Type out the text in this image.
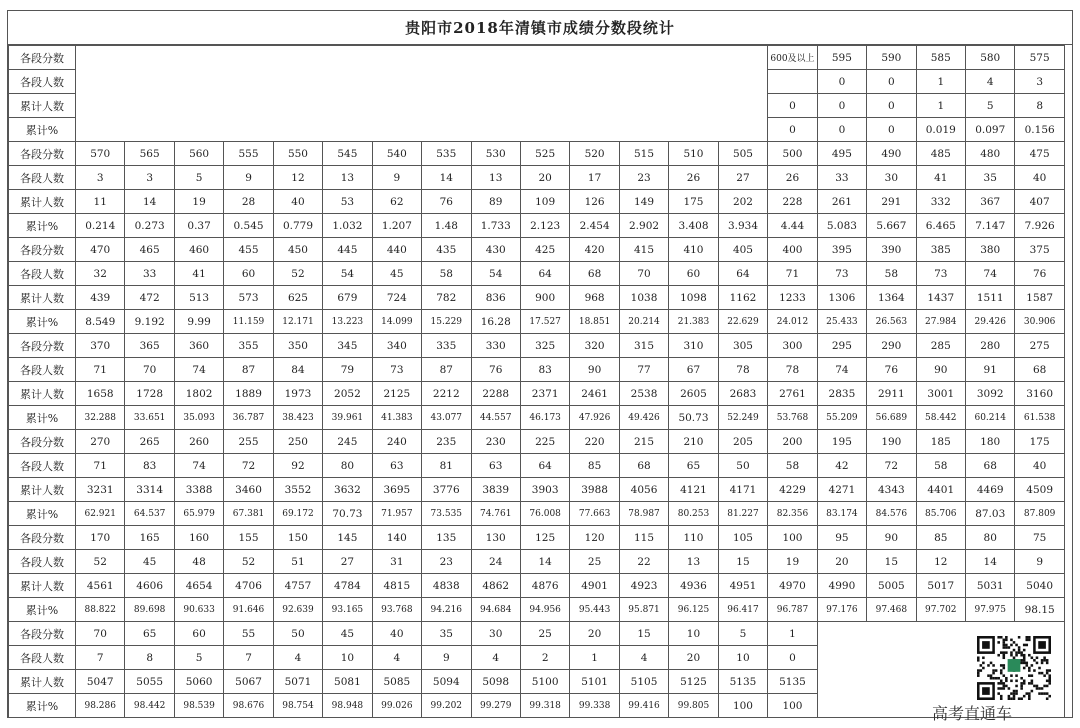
贵阳市2018年清镇市成绩分数段统计
各段分数															600及以上	595	590	585	580	575
各段人数																0	0	1	4	3
累计人数															0	0	0	1	5	8
累计%															0	0	0	0.019	0.097	0.156
各段分数	570	565	560	555	550	545	540	535	530	525	520	515	510	505	500	495	490	485	480	475
各段人数	3	3	5	9	12	13	9	14	13	20	17	23	26	27	26	33	30	41	35	40
累计人数	11	14	19	28	40	53	62	76	89	109	126	149	175	202	228	261	291	332	367	407
累计%	0.214	0.273	0.37	0.545	0.779	1.032	1.207	1.48	1.733	2.123	2.454	2.902	3.408	3.934	4.44	5.083	5.667	6.465	7.147	7.926
各段分数	470	465	460	455	450	445	440	435	430	425	420	415	410	405	400	395	390	385	380	375
各段人数	32	33	41	60	52	54	45	58	54	64	68	70	60	64	71	73	58	73	74	76
累计人数	439	472	513	573	625	679	724	782	836	900	968	1038	1098	1162	1233	1306	1364	1437	1511	1587
累计%	8.549	9.192	9.99	11.159	12.171	13.223	14.099	15.229	16.28	17.527	18.851	20.214	21.383	22.629	24.012	25.433	26.563	27.984	29.426	30.906
各段分数	370	365	360	355	350	345	340	335	330	325	320	315	310	305	300	295	290	285	280	275
各段人数	71	70	74	87	84	79	73	87	76	83	90	77	67	78	78	74	76	90	91	68
累计人数	1658	1728	1802	1889	1973	2052	2125	2212	2288	2371	2461	2538	2605	2683	2761	2835	2911	3001	3092	3160
累计%	32.288	33.651	35.093	36.787	38.423	39.961	41.383	43.077	44.557	46.173	47.926	49.426	50.73	52.249	53.768	55.209	56.689	58.442	60.214	61.538
各段分数	270	265	260	255	250	245	240	235	230	225	220	215	210	205	200	195	190	185	180	175
各段人数	71	83	74	72	92	80	63	81	63	64	85	68	65	50	58	42	72	58	68	40
累计人数	3231	3314	3388	3460	3552	3632	3695	3776	3839	3903	3988	4056	4121	4171	4229	4271	4343	4401	4469	4509
累计%	62.921	64.537	65.979	67.381	69.172	70.73	71.957	73.535	74.761	76.008	77.663	78.987	80.253	81.227	82.356	83.174	84.576	85.706	87.03	87.809
各段分数	170	165	160	155	150	145	140	135	130	125	120	115	110	105	100	95	90	85	80	75
各段人数	52	45	48	52	51	27	31	23	24	14	25	22	13	15	19	20	15	12	14	9
累计人数	4561	4606	4654	4706	4757	4784	4815	4838	4862	4876	4901	4923	4936	4951	4970	4990	5005	5017	5031	5040
累计%	88.822	89.698	90.633	91.646	92.639	93.165	93.768	94.216	94.684	94.956	95.443	95.871	96.125	96.417	96.787	97.176	97.468	97.702	97.975	98.15
各段分数	70	65	60	55	50	45	40	35	30	25	20	15	10	5	1					
各段人数	7	8	5	7	4	10	4	9	4	2	1	4	20	10	0					
累计人数	5047	5055	5060	5067	5071	5081	5085	5094	5098	5100	5101	5105	5125	5135	5135					
累计%	98.286	98.442	98.539	98.676	98.754	98.948	99.026	99.202	99.279	99.318	99.338	99.416	99.805	100	100						高考直通车
